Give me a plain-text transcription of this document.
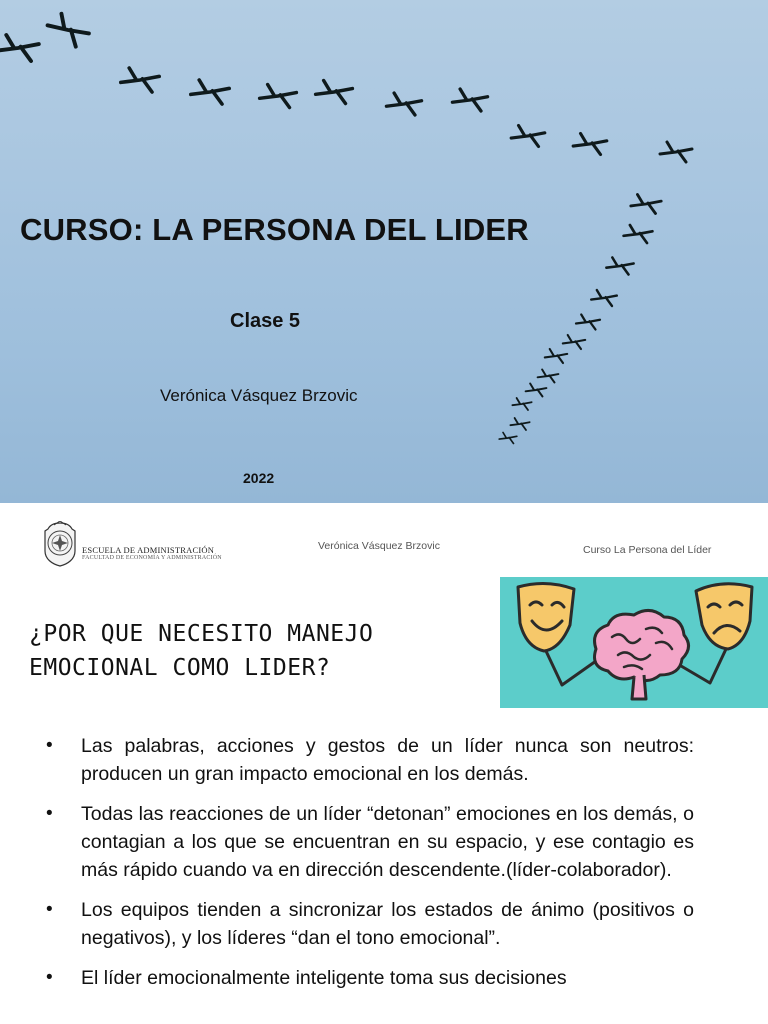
CURSO: LA PERSONA DEL LIDER
Clase 5
Verónica Vásquez Brzovic
2022
ESCUELA DE ADMINISTRACIÓN
FACULTAD DE ECONOMÍA Y ADMINISTRACIÓN
Verónica Vásquez Brzovic	Curso La Persona del Líder
¿POR QUE NECESITO MANEJO EMOCIONAL COMO LIDER?
• Las palabras, acciones y gestos de un líder nunca son neutros: producen un gran impacto emocional en los demás.
• Todas las reacciones de un líder “detonan” emociones en los demás, o contagian a los que se encuentran en su espacio, y ese contagio es más rápido cuando va en dirección descendente.(líder-colaborador).
• Los equipos tienden a sincronizar los estados de ánimo (positivos o negativos), y los líderes “dan el tono emocional”.
• El líder emocionalmente inteligente toma sus decisiones
